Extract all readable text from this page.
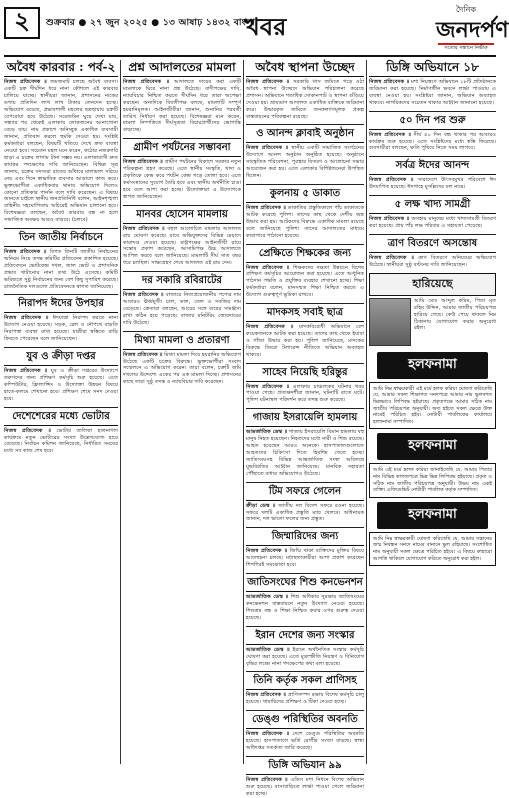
২	শুক্রবার ● ২৭ জুন ২০২৫ ● ১৩ আষাঢ় ১৪৩২ বাংলা
খবর
দৈনিক
জনদর্পণ
সত্যের সন্ধানে নির্ভীক
অবৈধ কারবার : পর্ব-২
নিজস্ব প্রতিবেদক ॥ জমজমাট চলছে অবৈধ ব্যবসা। একটি চক্র দীর্ঘদিন ধরে নানা কৌশলে এই কারবার চালিয়ে যাচ্ছে। স্থানীয়রা জানান, প্রশাসনের নাকের ডগায় প্রতিদিন লাখ লাখ টাকার লেনদেন হচ্ছে। অভিযোগ রয়েছে, প্রভাবশালী মহলের ছত্রছায়ায় চক্রটি বেপরোয়া হয়ে উঠেছে। সরেজমিন ঘুরে দেখা যায়, সন্ধ্যার পর থেকেই এলাকায় লোকজনের আনাগোনা বেড়ে যায়। নাম প্রকাশে অনিচ্ছুক একাধিক ব্যবসায়ী জানান, প্রতিবাদ করলে হুমকি দেওয়া হয়। সংশ্লিষ্ট কর্মকর্তারা বলছেন, বিষয়টি খতিয়ে দেখে দ্রুত ব্যবস্থা নেওয়া হবে। সচেতন মহল মনে করেন, কঠোর নজরদারি ছাড়া এ চক্রের লাগাম টানা সম্ভব নয়। এলাকাবাসী দ্রুত কার্যকর পদক্ষেপের দাবি জানিয়েছেন। বিভিন্ন সূত্র জানায়, চক্রের সদস্যরা রাতের আঁধারে মালামাল সরিয়ে নেয় এবং দিনে স্বাভাবিক ব্যবসার আড়ালে কাজ করে। ভুক্তভোগীরা একাধিকবার থানায় অভিযোগ দিলেও কোনো প্রতিকার পাননি বলে দাবি করেছেন। এ বিষয়ে জানতে চাইলে স্থানীয় জনপ্রতিনিধি বলেন, আইনশৃঙ্খলা বাহিনীর সহযোগিতায় অচিরেই অভিযান চালানো হবে। বিশেষজ্ঞরা বলছেন, অবৈধ কারবার বন্ধ না হলে সামাজিক অবক্ষয় আরও বাড়বে। (চলবে)
তিন জাতীয় নির্বাচনে
নিজস্ব প্রতিবেদক ॥ বিগত তিনটি জাতীয় নির্বাচনের অনিয়ম নিয়ে তদন্ত কমিটির প্রতিবেদন প্রকাশিত হয়েছে। প্রতিবেদনে ভোটকেন্দ্র দখল, জাল ভোট ও প্রশাসনিক প্রভাব খাটানোর নানা তথ্য উঠে এসেছে। কমিটি ভবিষ্যতে সুষ্ঠু নির্বাচনের জন্য বেশ কিছু সুপারিশ করেছে। রাজনৈতিক দলগুলো প্রতিবেদনকে স্বাগত জানিয়েছে।
নিরাপদ ঈদের উপহার
নিজস্ব প্রতিবেদক ॥ ঈদযাত্রা নিরাপদ করতে নানা উদ্যোগ নেওয়া হয়েছে। সড়ক, রেল ও নৌপথে বাড়তি নিরাপত্তা ব্যবস্থা রাখা হয়েছে। যাত্রীরা স্বস্তিতে বাড়ি ফিরতে পেরেছেন বলে জানিয়েছেন।
যুব ও ক্রীড়া দপ্তর
নিজস্ব প্রতিবেদক ॥ যুব ও ক্রীড়া দপ্তরের উদ্যোগে তরুণদের জন্য প্রশিক্ষণ কর্মসূচি শুরু হয়েছে। এতে কম্পিউটার, ফ্রিল্যান্সিং ও উদ্যোক্তা উন্নয়ন বিষয়ে হাতে-কলমে শেখানো হবে। প্রশিক্ষণ শেষে সনদ দেওয়া হবে।
দেশেশেরের মধ্যে ভোটার
নিজস্ব প্রতিবেদক ॥ ভোটার তালিকা হালনাগাদ কার্যক্রমে নতুন ভোটারের সংখ্যা উল্লেখযোগ্য হারে বেড়েছে। নির্বাচন কমিশন জানিয়েছে, নির্ধারিত সময়ের মধ্যে সব কাজ শেষ হবে।
প্রশ্ন আদালতের মামলা
নিজস্ব প্রতিবেদক ॥ আদালতে দায়ের করা একটি মামলাকে ঘিরে নানা প্রশ্ন উঠেছে। বাদীপক্ষের দাবি, ন্যায়বিচার নিশ্চিত করতে দীর্ঘদিন ধরে তারা অপেক্ষা করছেন। অন্যদিকে বিবাদীপক্ষ বলছে, মামলাটি সম্পূর্ণ হয়রানিমূলক। আইনজীবীরা জানান, শুনানির পরবর্তী তারিখ নির্ধারণ করা হয়েছে। বিশেষজ্ঞরা মনে করেন, মামলা নিষ্পত্তিতে দীর্ঘসূত্রতা বিচারপ্রার্থীদের ভোগান্তি বাড়াচ্ছে।
গ্রামীণ পর্যটনের সম্ভাবনা
নিজস্ব প্রতিবেদক ॥ গ্রামীণ পর্যটনের বিকাশে সরকার নতুন পরিকল্পনা গ্রহণ করেছে। এতে স্থানীয় সংস্কৃতি, খাদ্য ও প্রকৃতিকে কেন্দ্র করে পর্যটন কেন্দ্র গড়ে তোলা হবে। এতে কর্মসংস্থানের সুযোগ তৈরি হবে এবং স্থানীয় অর্থনীতি চাঙা হবে বলে আশা করা হচ্ছে। উদ্যোক্তারা এ উদ্যোগকে স্বাগত জানিয়েছেন।
মানবর হোসেন মামলায়
নিজস্ব প্রতিবেদক ॥ বহুল আলোচিত মামলায় আদালত রায় ঘোষণা করেছে। রায়ে অভিযুক্তদের বিভিন্ন মেয়াদে কারাদণ্ড দেওয়া হয়েছে। রাষ্ট্রপক্ষের আইনজীবী রায়ে সন্তোষ প্রকাশ করেছেন, আসামিপক্ষ উচ্চ আদালতে আপিল করবে বলে জানিয়েছে। মামলাটি দীর্ঘ সাত বছর ধরে চলছিল। সাক্ষ্যগ্রহণ শেষে আদালত এই রায় দেন।
দর সকারি রবিরাটের
নিজস্ব প্রতিবেদক ॥ বাজারে নিত্যপ্রয়োজনীয় পণ্যের দাম আবারও ঊর্ধ্বমুখী। চাল, ডাল, তেল ও সবজির দাম বেড়েছে। ক্রেতারা বলছেন, আয়ের সঙ্গে ব্যয়ের সামঞ্জস্য রাখা কঠিন হয়ে পড়েছে। বাজার মনিটরিং জোরদারের দাবি উঠেছে।
মিথ্যা মামলা ও প্রতারণা
নিজস্ব প্রতিবেদক ॥ মিথ্যা মামলা দিয়ে হয়রানির অভিযোগ উঠেছে একটি চক্রের বিরুদ্ধে। ভুক্তভোগীরা সংবাদ সম্মেলনে এ অভিযোগ করেন। তারা বলেন, চক্রটি জমি দখলের উদ্দেশ্যে একের পর এক মামলা দিচ্ছে। প্রশাসনের কাছে তারা সুষ্ঠু তদন্ত ও ন্যায়বিচার দাবি করেছেন।
অবৈধ স্থাপনা উচ্ছেদ
নিজস্ব প্রতিবেদক ॥ সরকারি খাস জমিতে গড়ে ওঠা অবৈধ স্থাপনা উচ্ছেদে অভিযান পরিচালনা করেছে প্রশাসন। অভিযানে শতাধিক দোকানপাট ও স্থাপনা গুঁড়িয়ে দেওয়া হয়। ভ্রাম্যমাণ আদালত একাধিক ব্যক্তিকে জরিমানা করে। উদ্ধারকৃত জমিতে জনকল্যাণমূলক প্রকল্প বাস্তবায়নের পরিকল্পনা রয়েছে।
ও আনন্দ ক্লাবাই অনুষ্ঠান
নিজস্ব প্রতিবেদক ॥ স্থানীয় একটি সামাজিক সংগঠনের উদ্যোগে আনন্দ অনুষ্ঠান অনুষ্ঠিত হয়েছে। অনুষ্ঠানে সাংস্কৃতিক পরিবেশনা, পুরস্কার বিতরণ ও আলোচনা সভার আয়োজন করা হয়। এতে এলাকার বিশিষ্টজনেরা উপস্থিত ছিলেন।
কুলনায় ৫ ডাকাত
নিজস্ব প্রতিবেদক ॥ ডাকাতির প্রস্তুতিকালে পাঁচ ডাকাতকে আটক করেছে পুলিশ। তাদের কাছ থেকে দেশীয় অস্ত্র উদ্ধার করা হয়। আটকদের বিরুদ্ধে একাধিক মামলা রয়েছে বলে জানিয়েছে পুলিশ। তাদের আদালতের মাধ্যমে কারাগারে পাঠানো হয়েছে।
প্রেক্ষিতে শিক্ষকের জন্য
নিজস্ব প্রতিবেদক ॥ শিক্ষকদের দক্ষতা উন্নয়নে বিশেষ প্রশিক্ষণ কর্মসূচির আয়োজন করা হয়েছে। এতে আধুনিক পাঠদান পদ্ধতি ও প্রযুক্তির ব্যবহার শেখানো হচ্ছে। শিক্ষা কর্মকর্তারা বলেন, মানসম্মত শিক্ষা নিশ্চিত করতে এ উদ্যোগ গুরুত্বপূর্ণ ভূমিকা রাখবে।
মাদকসহ সবাই ছাত্র
নিজস্ব প্রতিবেদক ॥ মাদকবিরোধী অভিযানে বেশ কয়েকজনকে আটক করা হয়েছে। তাদের কাছ থেকে ইয়াবা ও গাঁজা উদ্ধার করা হয়। পুলিশ জানিয়েছে, মাদকের বিরুদ্ধে জিরো টলারেন্স নীতিতে অভিযান অব্যাহত থাকবে।
সাহেব নিয়েছি হরিন্তুর
নিজস্ব প্রতিবেদক ॥ এলাকায় চাঞ্চল্যকর ঘটনার খবর পাওয়া গেছে। প্রত্যক্ষদর্শীরা জানান, ঘটনাটি রাতে ঘটে। পুলিশ ঘটনাস্থল পরিদর্শন করে তদন্ত শুরু করেছে।
গাজায় ইসরায়েলি হামলায়
আন্তর্জাতিক ডেস্ক ॥ গাজায় ইসরায়েলি বিমান হামলায় বহু মানুষ নিহত হয়েছেন। নিহতদের মধ্যে নারী ও শিশু রয়েছে। আহত হয়েছেন আরও অনেকে। হাসপাতালগুলোতে আহতদের চিকিৎসা দিতে হিমশিম খেতে হচ্ছে। জাতিসংঘসহ বিভিন্ন আন্তর্জাতিক সংস্থা অবিলম্বে যুদ্ধবিরতির আহ্বান জানিয়েছে। মানবিক সহায়তা পৌঁছাতে বাধার অভিযোগও উঠেছে।
টিম সফরে গেলেন
ক্রীড়া ডেস্ক ॥ জাতীয় দল বিদেশ সফরে রওনা হয়েছে। সফরে দলটি একাধিক প্রস্তুতি ম্যাচ খেলবে। অধিনায়ক জানান, দল ভালো ফলের জন্য প্রস্তুত।
জিম্মারিদের জন্য
নিজস্ব প্রতিবেদক ॥ জিম্মি থাকা ব্যক্তিদের মুক্তির বিষয়ে আলোচনা চলছে। মধ্যস্থতাকারীরা আশা প্রকাশ করেছেন শিগগিরই সমঝোতা হবে।
জাতিসংঘের শিশু কনভেনশন
আন্তর্জাতিক ডেস্ক ॥ শিশু অধিকার সুরক্ষায় জাতিসংঘের কনভেনশন বাস্তবায়নে নতুন উদ্যোগ নেওয়া হয়েছে। শিশুশ্রম বন্ধ ও শিক্ষা নিশ্চিত করার ওপর গুরুত্ব দেওয়া হয়েছে।
ইরান দেশের জন্য সংস্কার
আন্তর্জাতিক ডেস্ক ॥ ইরানে অর্থনৈতিক সংস্কার কর্মসূচি ঘোষণা করা হয়েছে। এতে মুদ্রাস্ফীতি নিয়ন্ত্রণ ও বিনিয়োগ বৃদ্ধির লক্ষ্যে নানা পদক্ষেপের কথা বলা হয়েছে।
তিনি কর্তৃক সকল প্রাণিসহ
নিজস্ব প্রতিবেদক ॥ প্রাণিসম্পদ রক্ষায় বিশেষ কর্মসূচি চালু হয়েছে। খামারিদের প্রশিক্ষণ ও টিকা দেওয়া হচ্ছে।
ডেঙ্গু পরিস্থিতির অবনতি
নিজস্ব প্রতিবেদক ॥ দেশে ডেঙ্গু পরিস্থিতির অবনতি হয়েছে। হাসপাতালে ভর্তি রোগীর সংখ্যা বাড়ছে। স্বাস্থ্য অধিদপ্তর সতর্কতা জারি করেছে।
ডিঙ্গি অভিযান ৯৯
নিজস্ব প্রতিবেদক ॥ এডিস মশা নিধনে বিশেষ অভিযান শুরু হয়েছে। বাসাবাড়িতে লার্ভা পাওয়া গেলে জরিমানা করা হচ্ছে।
ডিঙ্গি অভিযানে ১৮
নিজস্ব প্রতিবেদক ॥ মশা নিয়ন্ত্রণে অভিযানে ১৮টি প্রতিষ্ঠানকে জরিমানা করা হয়েছে। নির্মাণাধীন ভবনে লার্ভা পাওয়ায় এ ব্যবস্থা নেওয়া হয়। সংশ্লিষ্টরা জানান, অভিযান অব্যাহত থাকবে। নাগরিকদের সচেতন থাকার আহ্বান জানানো হয়েছে।
৫০ দিন পর শুরু
নিজস্ব প্রতিবেদক ॥ দীর্ঘ ৫০ দিন বন্ধ থাকার পর আবারও কার্যক্রম শুরু হয়েছে। এতে সংশ্লিষ্টদের মধ্যে স্বস্তি ফিরেছে। ব্যবসায়ীরা বলছেন, ক্ষতি পুষিয়ে নিতে সময় লাগবে।
সর্বত্র ঈদের আনন্দ
নিজস্ব প্রতিবেদক ॥ সারাদেশে উৎসবমুখর পরিবেশে ঈদ উদযাপিত হয়েছে। ঈদগাহে মুসল্লিদের ঢল নামে।
৫ লক্ষ খাদ্য সামগ্রী
নিজস্ব প্রতিবেদক ॥ অসহায় মানুষের মধ্যে খাদ্যসামগ্রী বিতরণ করা হয়েছে। প্রায় পাঁচ লক্ষ পরিবার এ সহায়তা পেয়েছে।
ত্রাণ বিতরণে অসন্তোষ
নিজস্ব প্রতিবেদক ॥ ত্রাণ বিতরণে অনিয়মের অভিযোগ উঠেছে। স্থানীয়রা সুষ্ঠু বণ্টনের দাবি জানিয়েছেন।
হারিয়েছে
আমি মোঃ আব্দুল করিম, পিতা মৃত রহিম উদ্দিন, আমার জাতীয় পরিচয়পত্র হারিয়ে গেছে। কেউ পেয়ে থাকলে নিম্ন ঠিকানায় যোগাযোগ করার অনুরোধ রইল।
হলফনামা
আমি নিম্ন স্বাক্ষরকারী এই মর্মে হলফ করিয়া ঘোষণা করিতেছি যে, আমার সকল শিক্ষাগত সনদপত্রে আমার নাম ভুলবশত ভিন্নভাবে লিপিবদ্ধ হইয়াছে। প্রকৃতপক্ষে আমার সঠিক নাম জাতীয় পরিচয়পত্র অনুযায়ী। অদ্য হইতে সকল ক্ষেত্রে উক্ত নামেই পরিচিত হইব। নোটারী পাবলিকের কার্যালয়ে হলফনামা সম্পাদিত।
হলফনামা
আমি এই মর্মে হলফ করিয়া জানাইতেছি যে, আমার পিতার নাম বিভিন্ন কাগজপত্রে ভিন্ন ভিন্ন লিপিবদ্ধ হইয়াছে। প্রকৃত ও সঠিক নাম জাতীয় পরিচয়পত্র অনুযায়ী। উভয় নাম একই ব্যক্তি। এফিডেভিট নোটারী পাবলিক কর্তৃক সম্পাদিত।
হলফনামা
আমি নিম্ন স্বাক্ষরকারী ঘোষণা করিতেছি যে, আমার সন্তানের জন্ম নিবন্ধন সনদে নামের বানানে ভুল রহিয়াছে। সংশোধিত নাম অনুযায়ী সকল ক্ষেত্রে পরিচিত হইবে। এ বিষয়ে কাহারো আপত্তি থাকিলে যোগাযোগ করিতে অনুরোধ করা হইল।
